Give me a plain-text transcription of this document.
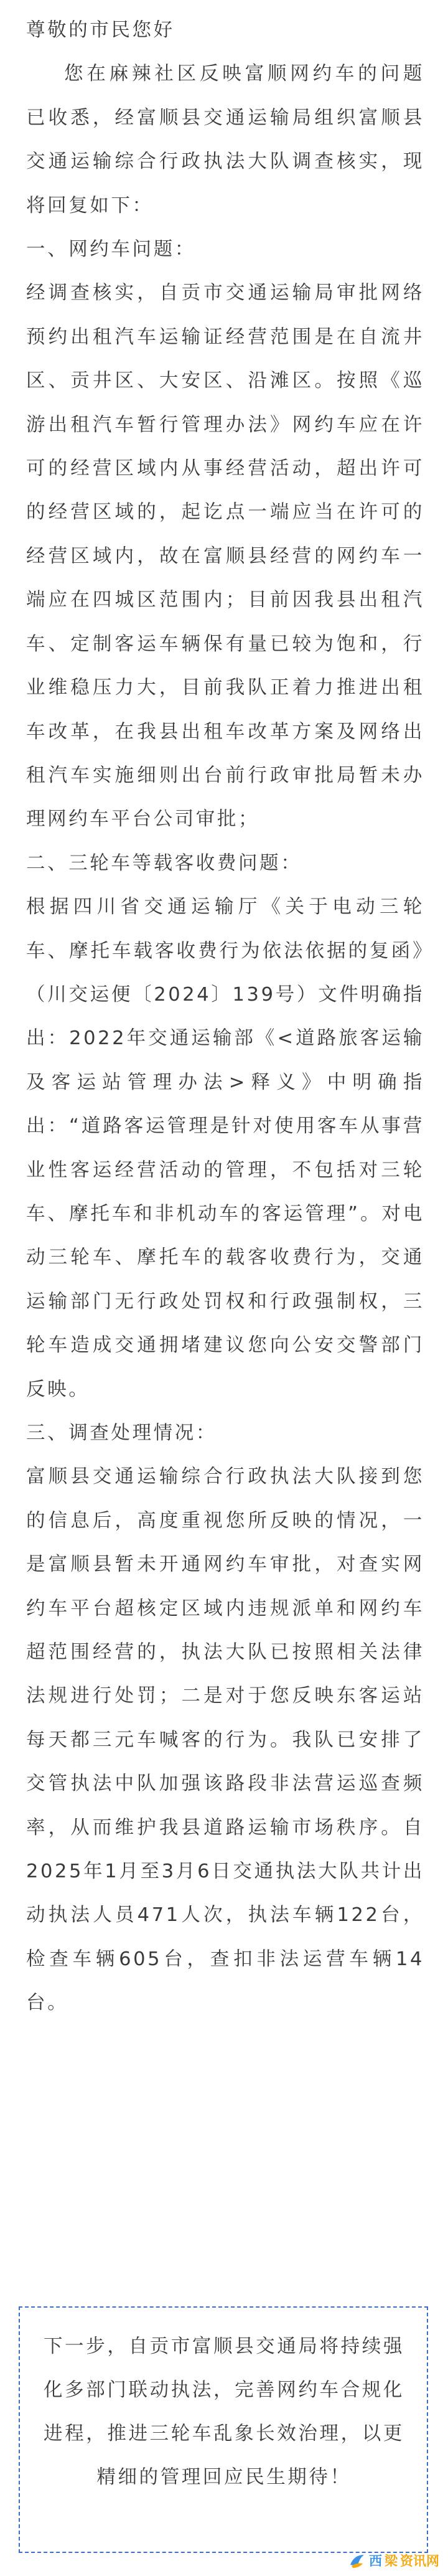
尊敬的市民您好

您在麻辣社区反映富顺网约车的问题已收悉，经富顺县交通运输局组织富顺县交通运输综合行政执法大队调查核实，现将回复如下：

一、网约车问题：

经调查核实，自贡市交通运输局审批网络预约出租汽车运输证经营范围是在自流井区、贡井区、大安区、沿滩区。按照《巡游出租汽车暂行管理办法》网约车应在许可的经营区域内从事经营活动，超出许可的经营区域的，起讫点一端应当在许可的经营区域内，故在富顺县经营的网约车一端应在四城区范围内；目前因我县出租汽车、定制客运车辆保有量已较为饱和，行业维稳压力大，目前我队正着力推进出租车改革，在我县出租车改革方案及网络出租汽车实施细则出台前行政审批局暂未办理网约车平台公司审批；

二、三轮车等载客收费问题：

根据四川省交通运输厅《关于电动三轮车、摩托车载客收费行为依法依据的复函》（川交运便〔2024〕139号）文件明确指出：2022年交通运输部《<道路旅客运输及客运站管理办法>释义》中明确指出：“道路客运管理是针对使用客车从事营业性客运经营活动的管理，不包括对三轮车、摩托车和非机动车的客运管理”。对电动三轮车、摩托车的载客收费行为，交通运输部门无行政处罚权和行政强制权，三轮车造成交通拥堵建议您向公安交警部门反映。

三、调查处理情况：

富顺县交通运输综合行政执法大队接到您的信息后，高度重视您所反映的情况，一是富顺县暂未开通网约车审批，对查实网约车平台超核定区域内违规派单和网约车超范围经营的，执法大队已按照相关法律法规进行处罚；二是对于您反映东客运站每天都三元车喊客的行为。我队已安排了交管执法中队加强该路段非法营运巡查频率，从而维护我县道路运输市场秩序。自2025年1月至3月6日交通执法大队共计出动执法人员471人次，执法车辆122台，检查车辆605台，查扣非法运营车辆14台。

下一步，自贡市富顺县交通局将持续强化多部门联动执法，完善网约车合规化进程，推进三轮车乱象长效治理，以更精细的管理回应民生期待！

西 梁 资讯网
